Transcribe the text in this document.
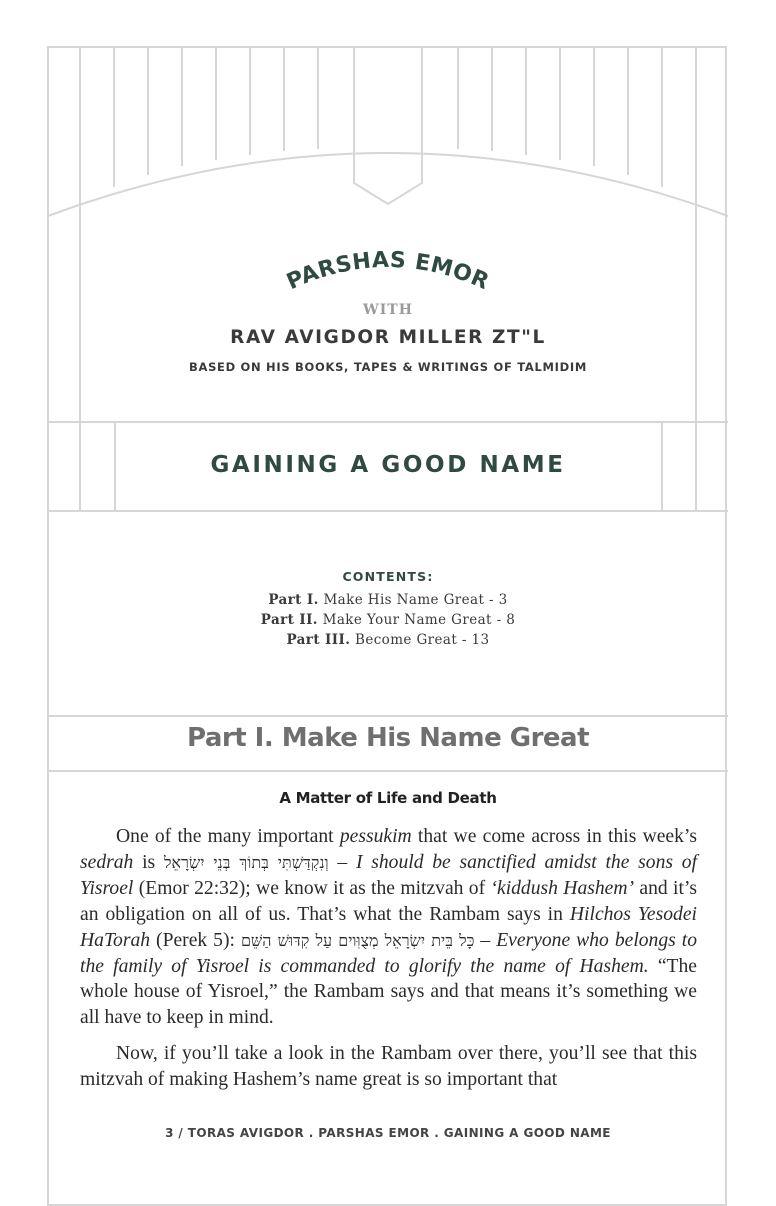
PARSHAS EMOR
WITH
RAV AVIGDOR MILLER ZT"L
BASED ON HIS BOOKS, TAPES & WRITINGS OF TALMIDIM
GAINING A GOOD NAME
CONTENTS:
Part I. Make His Name Great - 3
Part II. Make Your Name Great - 8
Part III. Become Great - 13
Part I. Make His Name Great
A Matter of Life and Death

One of the many important pessukim that we come across in this week’s sedrah is וְנִקְדַּשְׁתִּי בְּתוֹךְ בְּנֵי יִשְׂרָאֵל – I should be sanctified amidst the sons of Yisroel (Emor 22:32); we know it as the mitzvah of ‘kiddush Hashem’ and it’s an obligation on all of us. That’s what the Rambam says in Hilchos Yesodei HaTorah (Perek 5): כָּל בֵּית יִשְׂרָאֵל מְצֻוִּוים עַל קִדּוּשׁ הַשֵּׁם – Everyone who belongs to the family of Yisroel is commanded to glorify the name of Hashem. “The whole house of Yisroel,” the Rambam says and that means it’s something we all have to keep in mind.

Now, if you’ll take a look in the Rambam over there, you’ll see that this mitzvah of making Hashem’s name great is so important that

3 / TORAS AVIGDOR . PARSHAS EMOR . GAINING A GOOD NAME
